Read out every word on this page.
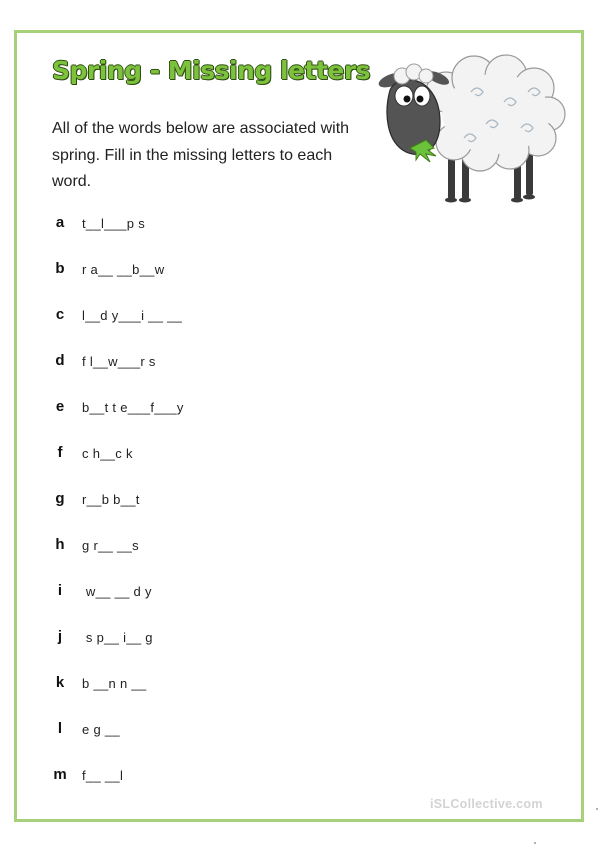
Spring - Missing letters
All of the words below are associated with spring. Fill in the missing letters to each word.
a t__l___p s
b r a__ __b__w
c l__d y___i __ __
d f l__w___r s
e b__t t e___f___y
f	c h__c k
g r__b b__t
h g r__ __s
i	w__ __ d y
j	s p__ i__ g
k b __n n __
l	e g __
m f__ __l
iSLCollective.com
